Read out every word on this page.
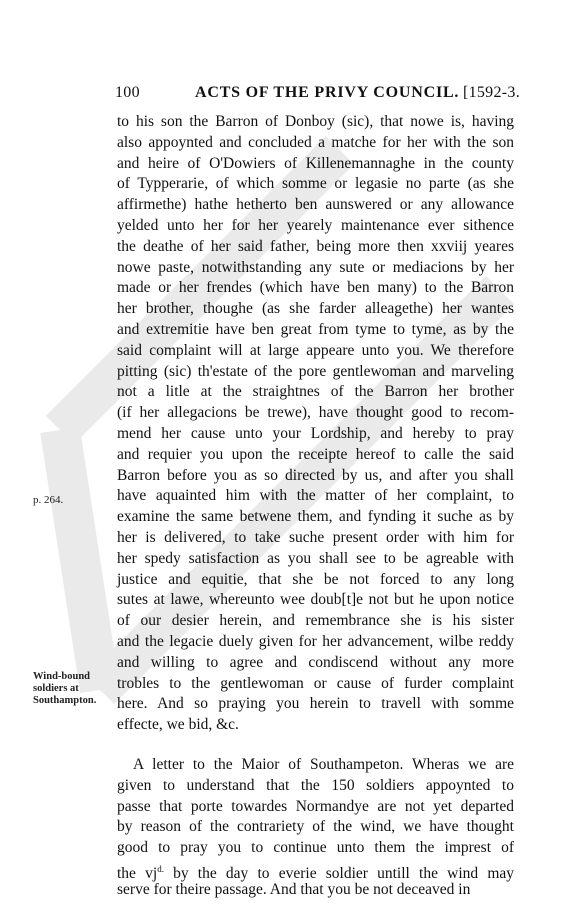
100	ACTS OF THE PRIVY COUNCIL. [1592-3.
p. 264.
Wind-bound
soldiers at
Southampton.
to his son the Barron of Donboy (sic), that nowe is, having
also appoynted and concluded a matche for her with the son
and heire of O'Dowiers of Killenemannaghe in the county
of Typperarie, of which somme or legasie no parte (as she
affirmethe) hathe hetherto ben aunswered or any allowance
yelded unto her for her yearely maintenance ever sithence
the deathe of her said father, being more then xxviij yeares
nowe paste, notwithstanding any sute or mediacions by her
made or her frendes (which have ben many) to the Barron
her brother, thoughe (as she farder alleagethe) her wantes
and extremitie have ben great from tyme to tyme, as by the
said complaint will at large appeare unto you. We therefore
pitting (sic) th'estate of the pore gentlewoman and marveling
not a litle at the straightnes of the Barron her brother
(if her allegacions be trewe), have thought good to recom-
mend her cause unto your Lordship, and hereby to pray
and requier you upon the receipte hereof to calle the said
Barron before you as so directed by us, and after you shall
have aquainted him with the matter of her complaint, to
examine the same betwene them, and fynding it suche as by
her is delivered, to take suche present order with him for
her spedy satisfaction as you shall see to be agreable with
justice and equitie, that she be not forced to any long
sutes at lawe, whereunto wee doub[t]e not but he upon notice
of our desier herein, and remembrance she is his sister
and the legacie duely given for her advancement, wilbe reddy
and willing to agree and condiscend without any more
trobles to the gentlewoman or cause of furder complaint
here. And so praying you herein to travell with somme
effecte, we bid, &c.
A letter to the Maior of Southampeton. Wheras we are
given to understand that the 150 soldiers appoynted to
passe that porte towardes Normandye are not yet departed
by reason of the contrariety of the wind, we have thought
good to pray you to continue unto them the imprest of
the $vj^{d.}$ by the day to everie soldier untill the wind may
serve for theire passage. And that you be not deceaved in
